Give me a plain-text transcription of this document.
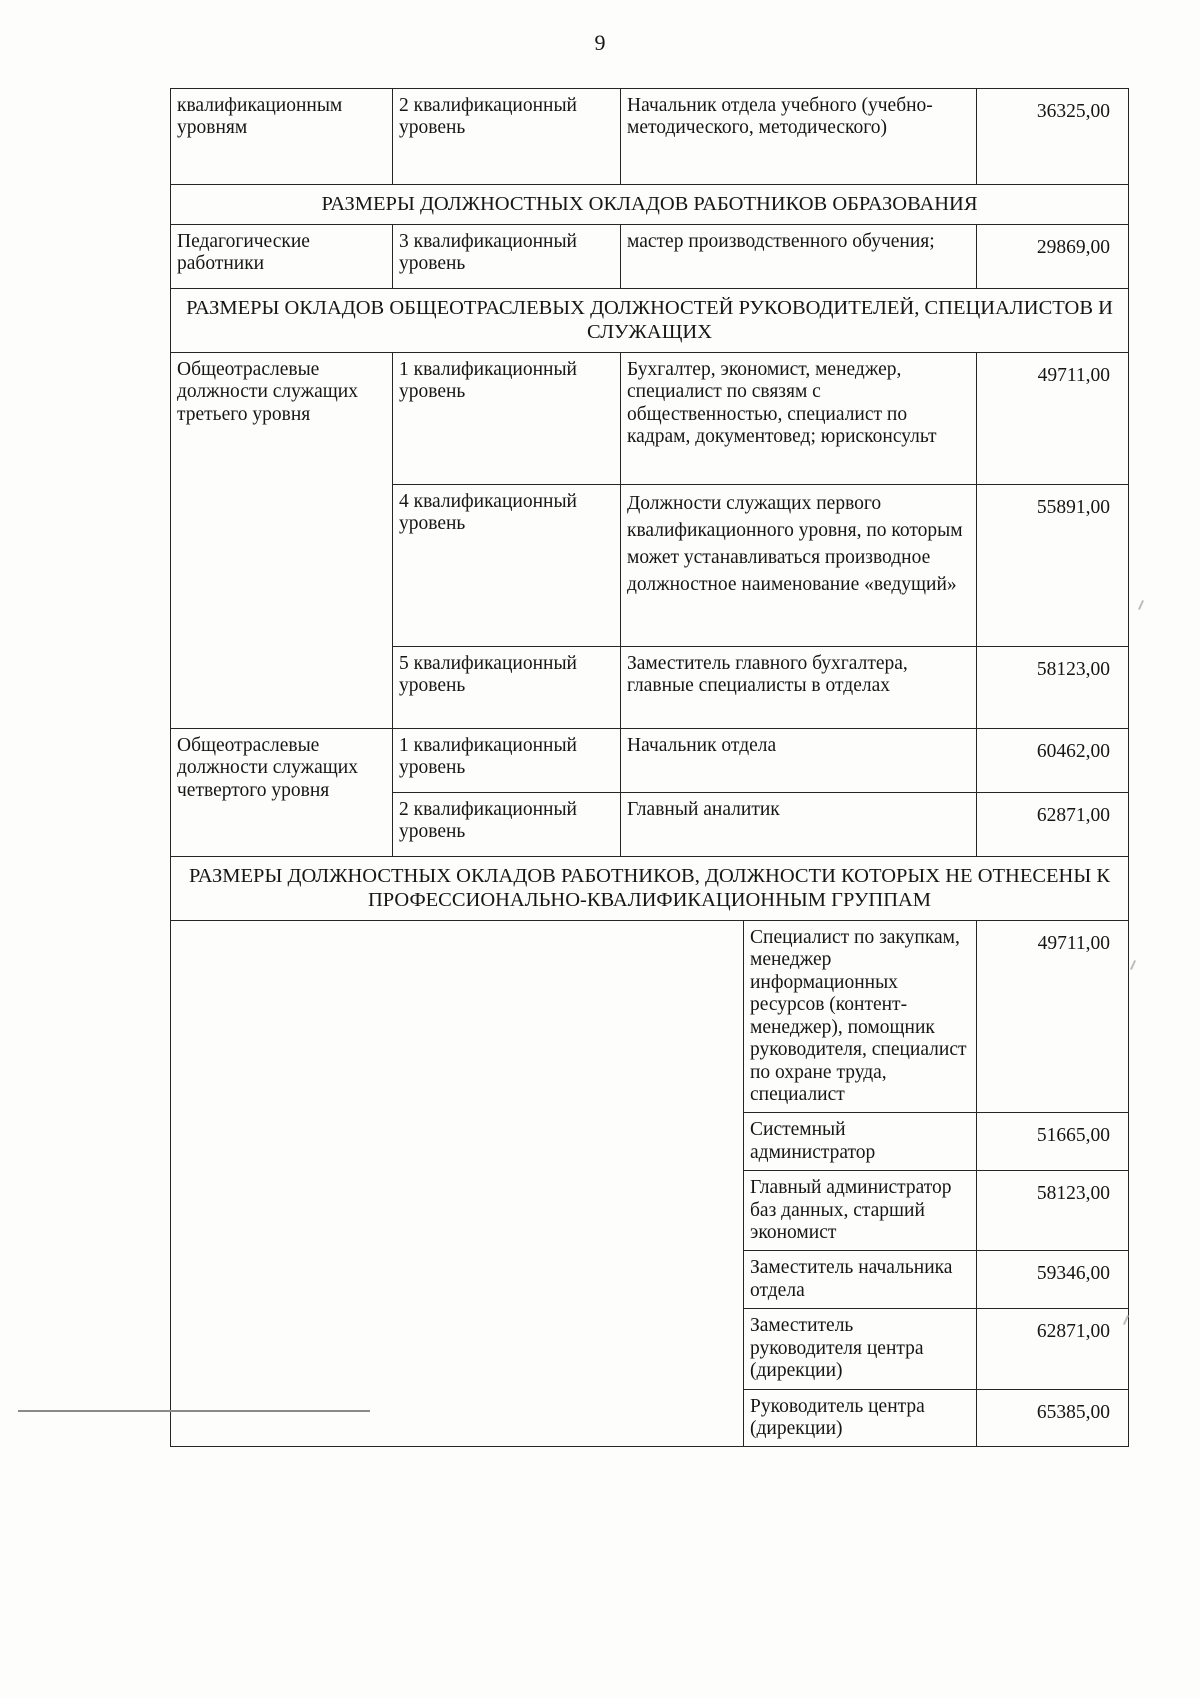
9
квалификационным уровням	2 квалификационный уровень	Начальник отдела учебного (учебно-методического, методического)		36325,00
РАЗМЕРЫ ДОЛЖНОСТНЫХ ОКЛАДОВ РАБОТНИКОВ ОБРАЗОВАНИЯ				
Педагогические работники	3 квалификационный уровень	мастер производственного обучения;		29869,00
РАЗМЕРЫ ОКЛАДОВ ОБЩЕОТРАСЛЕВЫХ ДОЛЖНОСТЕЙ РУКОВОДИТЕЛЕЙ, СПЕЦИАЛИСТОВ И СЛУЖАЩИХ				
Общеотраслевые должности служащих третьего уровня	1 квалификационный уровень	Бухгалтер, экономист, менеджер, специалист по связям с общественностью, специалист по кадрам, документовед; юрисконсульт		49711,00
	4 квалификационный уровень	Должности служащих первого квалификационного уровня, по которым может устанавливаться производное должностное наименование «ведущий»		55891,00
	5 квалификационный уровень	Заместитель главного бухгалтера, главные специалисты в отделах		58123,00
Общеотраслевые должности служащих четвертого уровня	1 квалификационный уровень	Начальник отдела		60462,00
	2 квалификационный уровень	Главный аналитик		62871,00
РАЗМЕРЫ ДОЛЖНОСТНЫХ ОКЛАДОВ РАБОТНИКОВ, ДОЛЖНОСТИ КОТОРЫХ НЕ ОТНЕСЕНЫ К ПРОФЕССИОНАЛЬНО-КВАЛИФИКАЦИОННЫМ ГРУППАМ				
			Специалист по закупкам, менеджер информационных ресурсов (контент-менеджер), помощник руководителя, специалист по охране труда, специалист	49711,00
			Системный администратор	51665,00
			Главный администратор баз данных, старший экономист	58123,00
			Заместитель начальника отдела	59346,00
			Заместитель руководителя центра (дирекции)	62871,00
			Руководитель центра (дирекции)	65385,00
